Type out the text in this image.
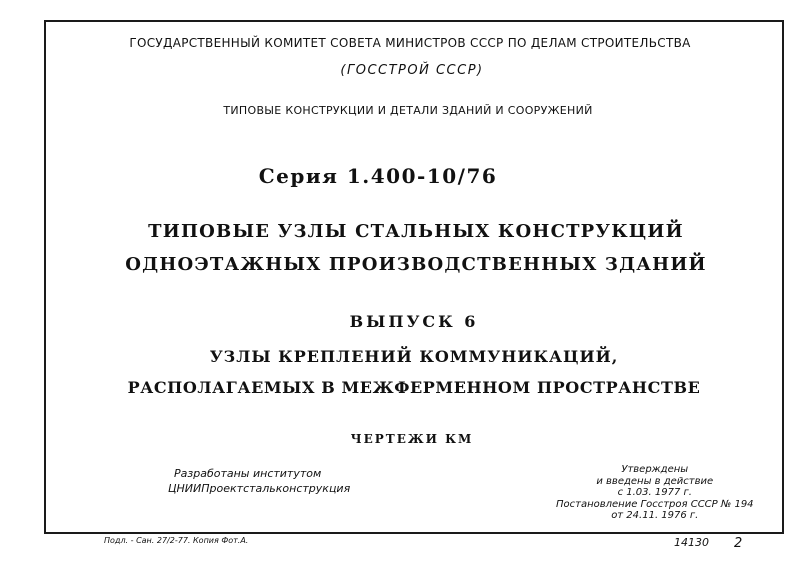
ГОСУДАРСТВЕННЫЙ КОМИТЕТ СОВЕТА МИНИСТРОВ СССР ПО ДЕЛАМ СТРОИТЕЛЬСТВА
(ГОССТРОЙ СССР)
ТИПОВЫЕ КОНСТРУКЦИИ И ДЕТАЛИ ЗДАНИЙ И СООРУЖЕНИЙ
Серия 1.400-10/76
ТИПОВЫЕ УЗЛЫ СТАЛЬНЫХ КОНСТРУКЦИЙ
ОДНОЭТАЖНЫХ ПРОИЗВОДСТВЕННЫХ ЗДАНИЙ
ВЫПУСК 6
УЗЛЫ КРЕПЛЕНИЙ КОММУНИКАЦИЙ,
РАСПОЛАГАЕМЫХ В МЕЖФЕРМЕННОМ ПРОСТРАНСТВЕ
ЧЕРТЕЖИ КМ
Разработаны институтом
ЦНИИПроектстальконструкция
Утверждены
и введены в действие
с 1.03. 1977 г.
Постановление Госстроя СССР № 194
от 24.11. 1976 г.
Подл. - Сан. 27/2-77. Копия Фот.А.	14130 2
